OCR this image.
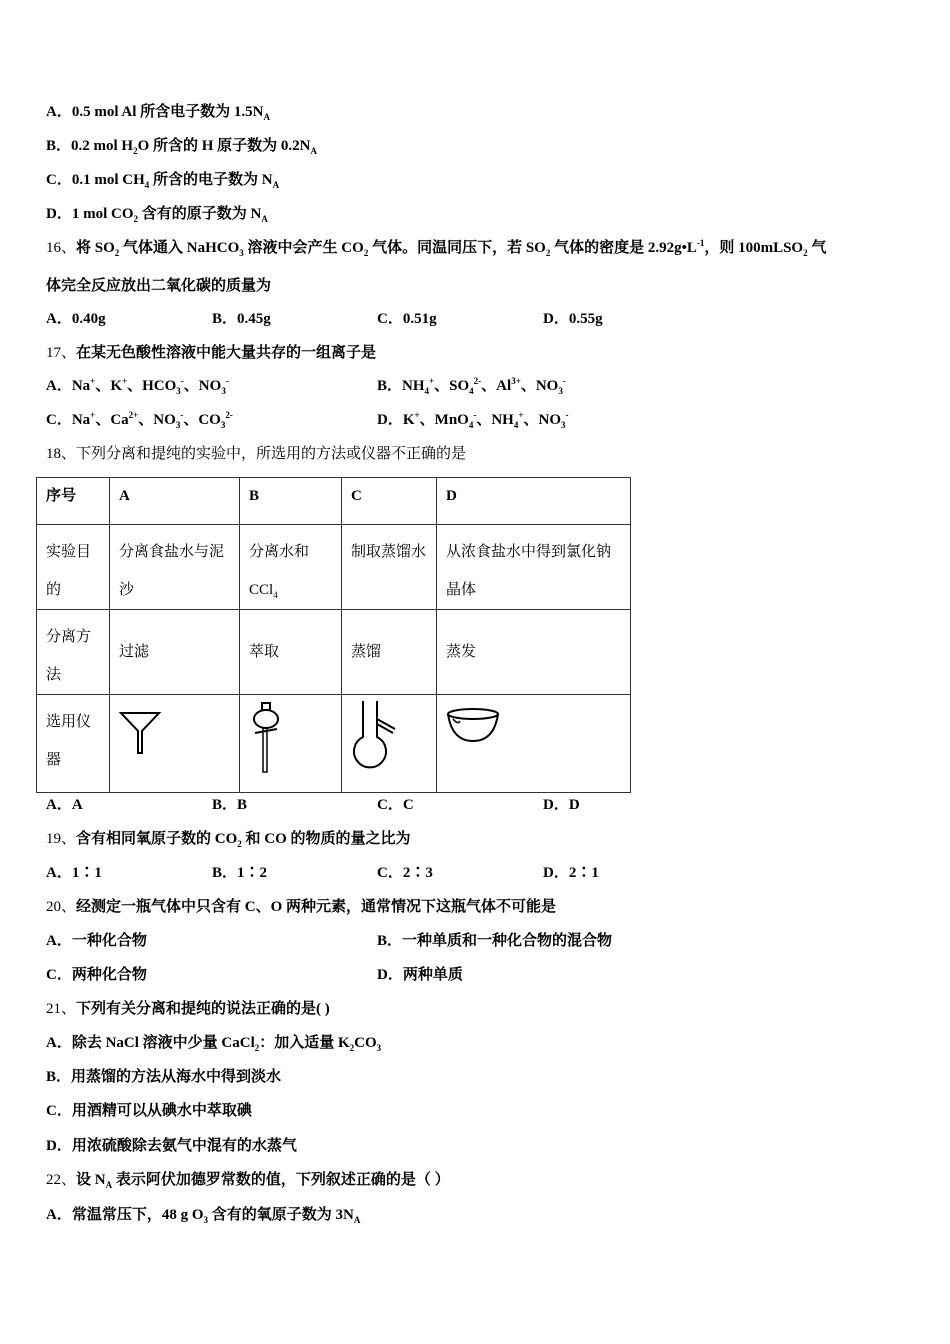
A．0.5 mol Al 所含电子数为 $1.5N_A$
B．0.2 mol $H_2O$ 所含的 H 原子数为 $0.2N_A$
C．0.1 mol $CH_4$ 所含的电子数为 $N_A$
D．1 mol $CO_2$ 含有的原子数为 $N_A$
16、将 $SO_2$ 气体通入 NaHCO$_3$ 溶液中会产生 $CO_2$ 气体。同温同压下，若 $SO_2$ 气体的密度是 $2.92g•L^{-1}$，则 100mLSO$_2$ 气
体完全反应放出二氧化碳的质量为
A．0.40g	B．0.45g	C．0.51g	D．0.55g
17、在某无色酸性溶液中能大量共存的一组离子是
A．Na+、K+、$HCO_3^-$、$NO_3^-$	B．$NH_4^+$、$SO_4^{2-}$、$Al^{3+}$、$NO_3^-$
C．Na+、$Ca^{2+}$、$NO_3^-$、$CO_3^{2-}$	D．K+、MnO$_4$-、$NH_4^+$、$NO_3^-$
18、下列分离和提纯的实验中，所选用的方法或仪器不正确的是
序号	A	B	C	D
实验目的	分离食盐水与泥沙	分离水和 CCl$_4$	制取蒸馏水	从浓食盐水中得到氯化钠晶体
分离方法	过滤	萃取	蒸馏	蒸发
选用仪器	

A．A	B．B	C．C	D．D
19、含有相同氧原子数的 $CO_2$ 和 CO 的物质的量之比为
A．1∶1	B．1∶2	C．2∶3	D．2∶1
20、经测定一瓶气体中只含有 C、O 两种元素，通常情况下这瓶气体不可能是
A．一种化合物	B．一种单质和一种化合物的混合物
C．两种化合物	D．两种单质
21、下列有关分离和提纯的说法正确的是( )
A．除去 NaCl 溶液中少量 CaCl$_2$：加入适量 $K_2CO_3$
B．用蒸馏的方法从海水中得到淡水
C．用酒精可以从碘水中萃取碘
D．用浓硫酸除去氨气中混有的水蒸气
22、设 $N_A$ 表示阿伏加德罗常数的值，下列叙述正确的是（ ）
A．常温常压下，48 g $O_3$ 含有的氧原子数为 $3N_A$
